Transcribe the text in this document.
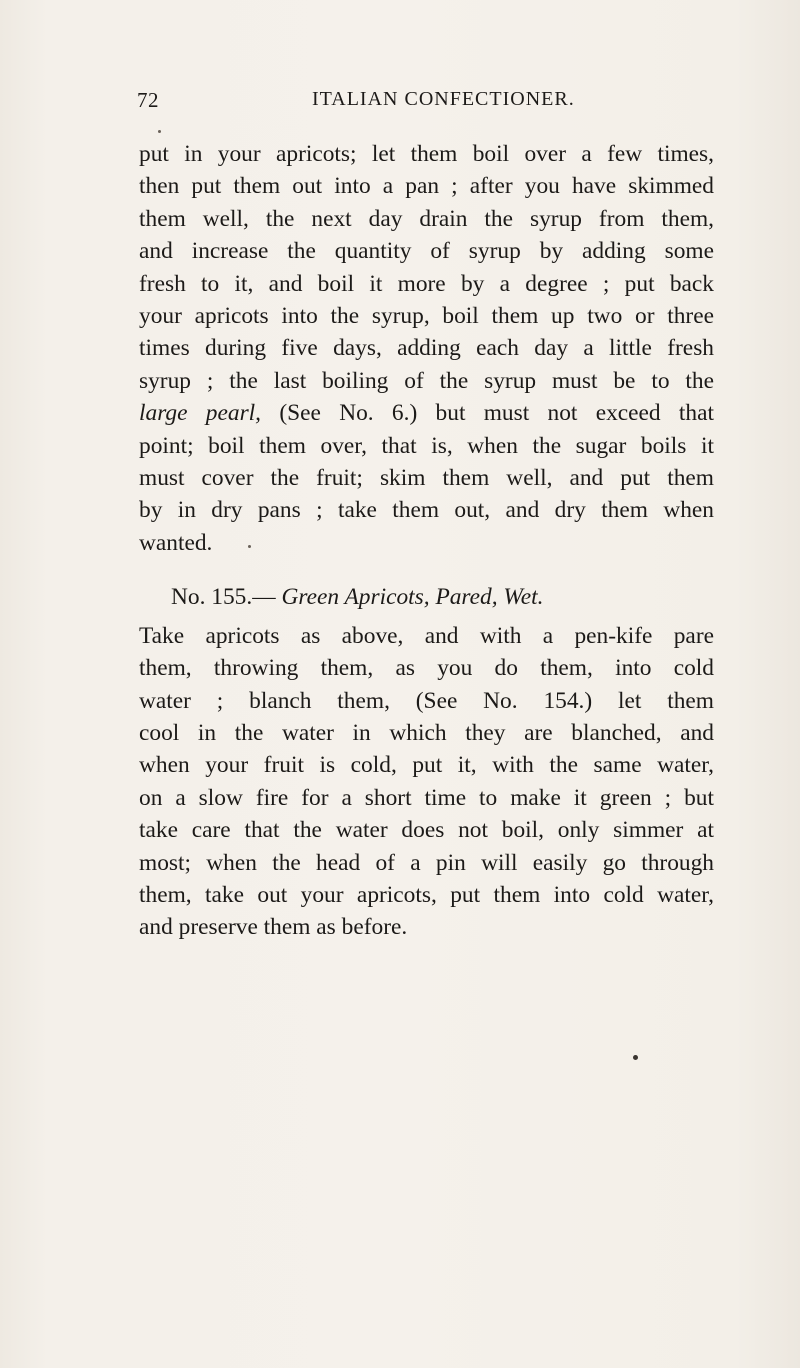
72	ITALIAN CONFECTIONER.
put in your apricots; let them boil over a few times,
then put them out into a pan ; after you have skimmed
them well, the next day drain the syrup from them,
and increase the quantity of syrup by adding some
fresh to it, and boil it more by a degree ; put back
your apricots into the syrup, boil them up two or three
times during five days, adding each day a little fresh
syrup ; the last boiling of the syrup must be to the
large pearl, (See No. 6.) but must not exceed that
point; boil them over, that is, when the sugar boils it
must cover the fruit; skim them well, and put them
by in dry pans ; take them out, and dry them when
wanted.
No. 155.— Green Apricots, Pared, Wet.
Take apricots as above, and with a pen-kife pare
them, throwing them, as you do them, into cold
water ; blanch them, (See No. 154.) let them
cool in the water in which they are blanched, and
when your fruit is cold, put it, with the same water,
on a slow fire for a short time to make it green ; but
take care that the water does not boil, only simmer at
most; when the head of a pin will easily go through
them, take out your apricots, put them into cold water,
and preserve them as before.
